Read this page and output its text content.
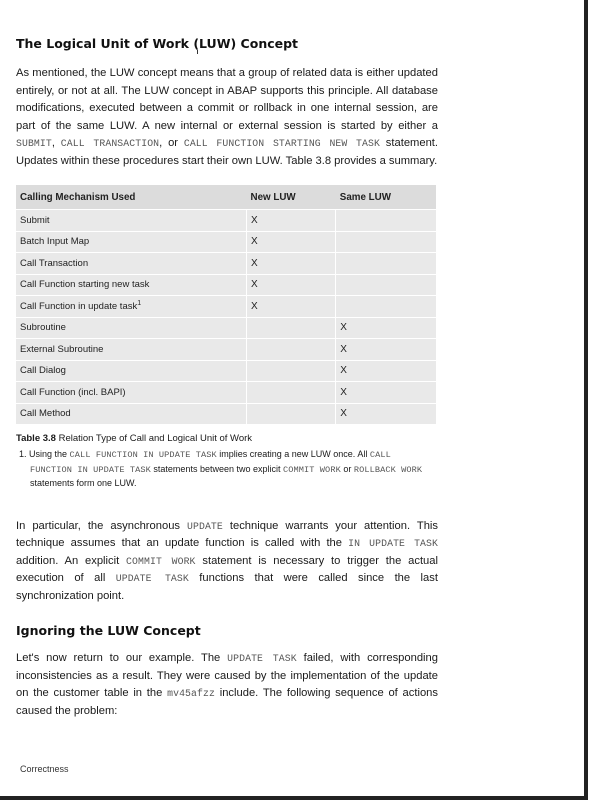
The Logical Unit of Work (LUW) Concept

As mentioned, the LUW concept means that a group of related data is either updated entirely, or not at all. The LUW concept in ABAP supports this principle. All database modifications, executed between a commit or rollback in one internal session, are part of the same LUW. A new internal or external session is started by either a SUBMIT, CALL TRANSACTION, or CALL FUNCTION STARTING NEW TASK statement. Updates within these procedures start their own LUW. Table 3.8 provides a summary.

Calling Mechanism Used	New LUW	Same LUW
Submit	X	
Batch Input Map	X	
Call Transaction	X	
Call Function starting new task	X	
Call Function in update task$^1$	X	
Subroutine		X
External Subroutine		X
Call Dialog		X
Call Function (incl. BAPI)		X
Call Method		X
Table 3.8 Relation Type of Call and Logical Unit of Work
1. Using the CALL FUNCTION IN UPDATE TASK implies creating a new LUW once. All CALL FUNCTION IN UPDATE TASK statements between two explicit COMMIT WORK or ROLLBACK WORK statements form one LUW.

In particular, the asynchronous UPDATE technique warrants your attention. This technique assumes that an update function is called with the IN UPDATE TASK addition. An explicit COMMIT WORK statement is necessary to trigger the actual execution of all UPDATE TASK functions that were called since the last synchronization point.

Ignoring the LUW Concept

Let's now return to our example. The UPDATE TASK failed, with corresponding inconsistencies as a result. They were caused by the implementation of the update on the customer table in the mv45afzz include. The following sequence of actions caused the problem:

Correctness
